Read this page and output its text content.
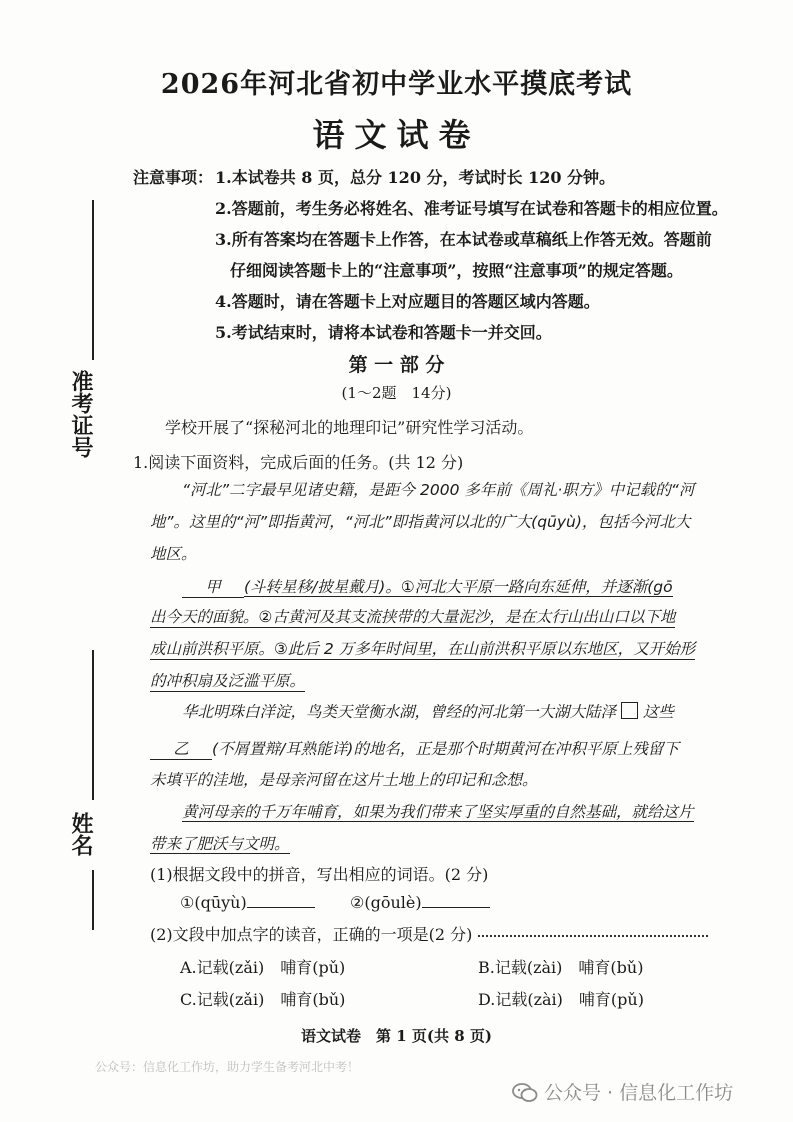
2026年河北省初中学业水平摸底考试
语文试卷
准考证号
姓名
注意事项： 1.本试卷共 8 页，总分 120 分，考试时长 120 分钟。
2.答题前，考生务必将姓名、准考证号填写在试卷和答题卡的相应位置。
3.所有答案均在答题卡上作答，在本试卷或草稿纸上作答无效。答题前
仔细阅读答题卡上的“注意事项”，按照“注意事项”的规定答题。
4.答题时，请在答题卡上对应题目的答题区域内答题。
5.考试结束时，请将本试卷和答题卡一并交回。
第 一 部 分
(1～2题　14分)
学校开展了“探秘河北的地理印记”研究性学习活动。
1.阅读下面资料，完成后面的任务。(共 12 分)
“河北”二字最早见诸史籍，是距今 2000 多年前《周礼·职方》中记载的“河
地”。这里的“河”即指黄河，“河北”即指黄河以北的广大(qūyù)，包括今河北大
地区。
甲 (斗转星移/披星戴月)。①河北大平原一路向东延伸，并逐渐(gō
出今天的面貌。②古黄河及其支流挟带的大量泥沙，是在太行山出山口以下地
成山前洪积平原。③此后 2 万多年时间里，在山前洪积平原以东地区，又开始形
的冲积扇及泛滥平原。
华北明珠白洋淀，鸟类天堂衡水湖，曾经的河北第一大湖大陆泽 这些
乙 (不屑置辩/耳熟能详)的地名，正是那个时期黄河在冲积平原上残留下
未填平的洼地，是母亲河留在这片土地上的印记和念想。
黄河母亲的千万年哺育，如果为我们带来了坚实厚重的自然基础，就给这片
带来了肥沃与文明。
(1)根据文段中的拼音，写出相应的词语。(2 分)
①(qūyù)	②(gōulè)
(2)文段中加点字的读音，正确的一项是(2 分)
A.记载(zǎi)　哺育(pǔ)	B.记载(zài)　哺育(bǔ)
C.记载(zǎi)　哺育(bǔ)	D.记载(zài)　哺育(pǔ)
语文试卷　第 1 页(共 8 页)
公众号：信息化工作坊，助力学生备考河北中考！
公众号 · 信息化工作坊
